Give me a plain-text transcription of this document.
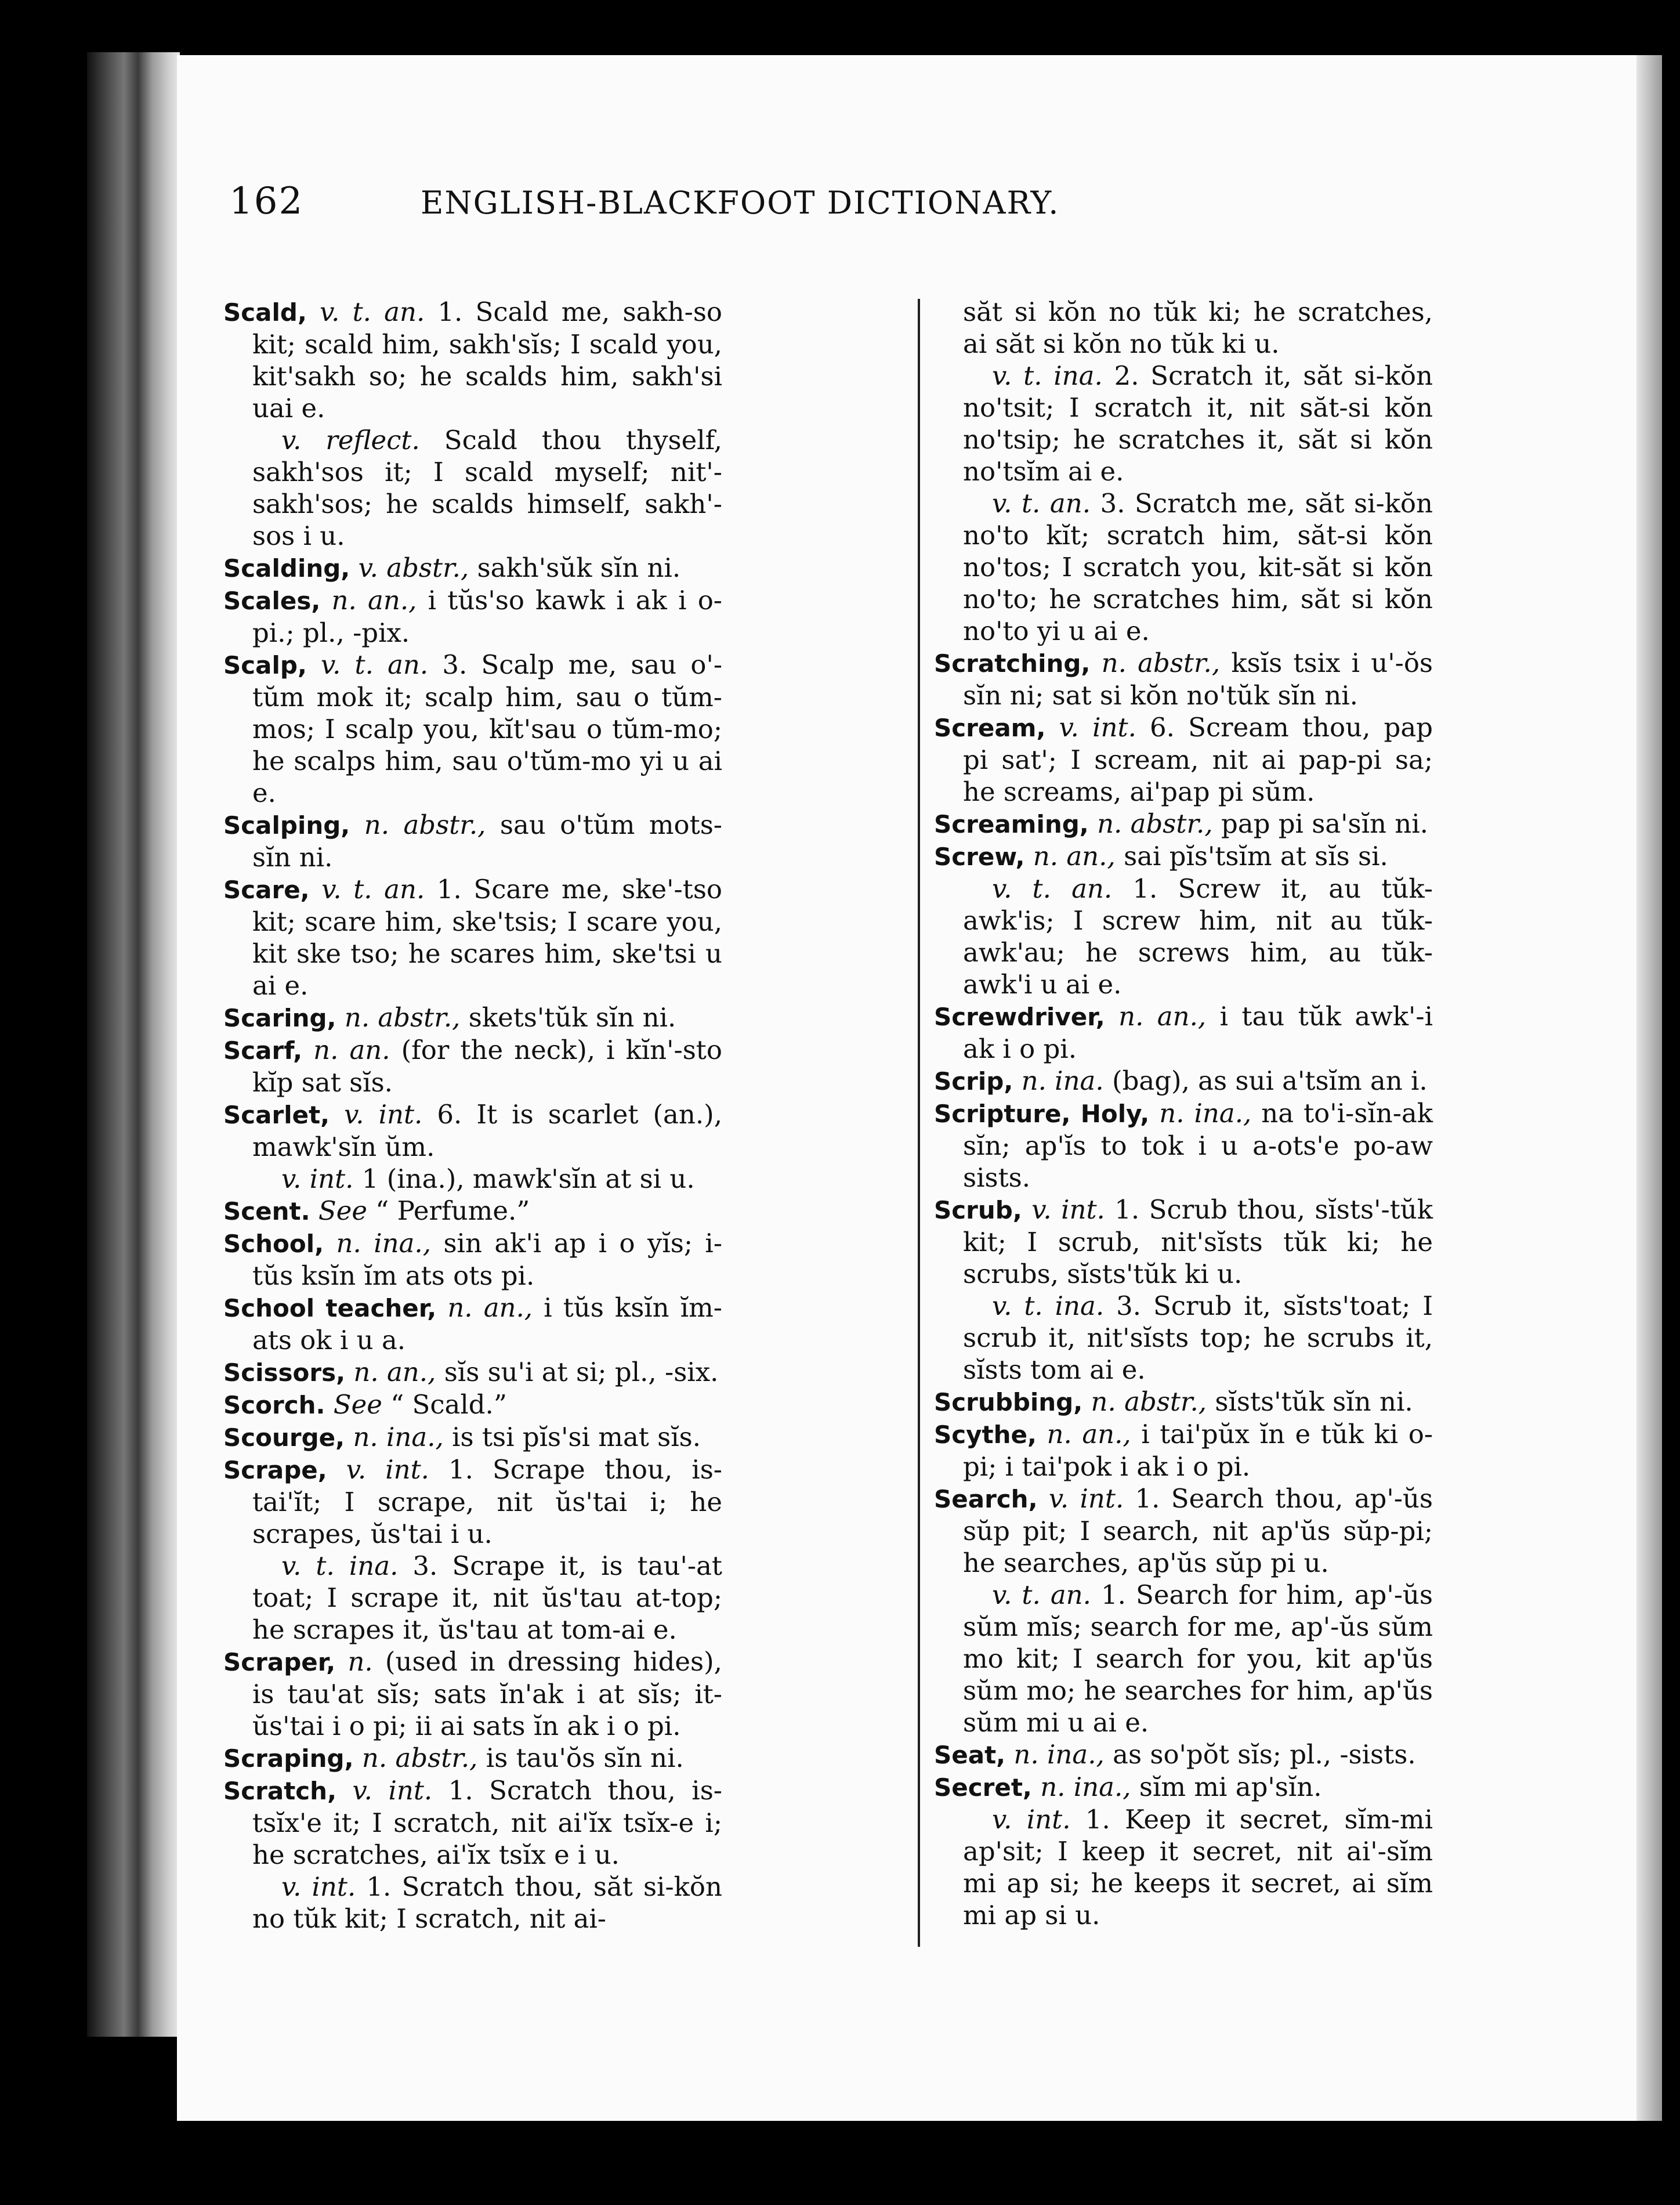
162	ENGLISH-BLACKFOOT DICTIONARY.
Scald, v. t. an. 1. Scald me, sakh-so kit; scald him, sakh'sĭs; I scald you, kit'sakh so; he scalds him, sakh'si uai e.
v. reflect. Scald thou thyself, sakh'sos it; I scald myself; nit'-sakh'sos; he scalds himself, sakh'-sos i u.
Scalding, v. abstr., sakh'sŭk sĭn ni.
Scales, n. an., i tŭs'so kawk i ak i o-pi.; pl., -pix.
Scalp, v. t. an. 3. Scalp me, sau o'-tŭm mok it; scalp him, sau o tŭm-mos; I scalp you, kĭt'sau o tŭm-mo; he scalps him, sau o'tŭm-mo yi u ai e.
Scalping, n. abstr., sau o'tŭm mots-sĭn ni.
Scare, v. t. an. 1. Scare me, ske'-tso kit; scare him, ske'tsis; I scare you, kit ske tso; he scares him, ske'tsi u ai e.
Scaring, n. abstr., skets'tŭk sĭn ni.
Scarf, n. an. (for the neck), i kĭn'-sto kĭp sat sĭs.
Scarlet, v. int. 6. It is scarlet (an.), mawk'sĭn ŭm.
v. int. 1 (ina.), mawk'sĭn at si u.
Scent. See “ Perfume.”
School, n. ina., sin ak'i ap i o yĭs; i-tŭs ksĭn ĭm ats ots pi.
School teacher, n. an., i tŭs ksĭn ĭm-ats ok i u a.
Scissors, n. an., sĭs su'i at si; pl., -six.
Scorch. See “ Scald.”
Scourge, n. ina., is tsi pĭs'si mat sĭs.
Scrape, v. int. 1. Scrape thou, is-tai'ĭt; I scrape, nit ŭs'tai i; he scrapes, ŭs'tai i u.
v. t. ina. 3. Scrape it, is tau'-at toat; I scrape it, nit ŭs'tau at-top; he scrapes it, ŭs'tau at tom-ai e.
Scraper, n. (used in dressing hides), is tau'at sĭs; sats ĭn'ak i at sĭs; it-ŭs'tai i o pi; ii ai sats ĭn ak i o pi.
Scraping, n. abstr., is tau'ŏs sĭn ni.
Scratch, v. int. 1. Scratch thou, is-tsĭx'e it; I scratch, nit ai'ĭx tsĭx-e i; he scratches, ai'ĭx tsĭx e i u.
v. int. 1. Scratch thou, săt si-kŏn no tŭk kit; I scratch, nit ai-
săt si kŏn no tŭk ki; he scratches, ai săt si kŏn no tŭk ki u.
v. t. ina. 2. Scratch it, săt si-kŏn no'tsit; I scratch it, nit săt-si kŏn no'tsip; he scratches it, săt si kŏn no'tsĭm ai e.
v. t. an. 3. Scratch me, săt si-kŏn no'to kĭt; scratch him, săt-si kŏn no'tos; I scratch you, kit-săt si kŏn no'to; he scratches him, săt si kŏn no'to yi u ai e.
Scratching, n. abstr., ksĭs tsix i u'-ŏs sĭn ni; sat si kŏn no'tŭk sĭn ni.
Scream, v. int. 6. Scream thou, pap pi sat'; I scream, nit ai pap-pi sa; he screams, ai'pap pi sŭm.
Screaming, n. abstr., pap pi sa'sĭn ni.
Screw, n. an., sai pĭs'tsĭm at sĭs si.
v. t. an. 1. Screw it, au tŭk-awk'is; I screw him, nit au tŭk-awk'au; he screws him, au tŭk-awk'i u ai e.
Screwdriver, n. an., i tau tŭk awk'-i ak i o pi.
Scrip, n. ina. (bag), as sui a'tsĭm an i.
Scripture, Holy, n. ina., na to'i-sĭn-ak sĭn; ap'ĭs to tok i u a-ots'e po-aw sists.
Scrub, v. int. 1. Scrub thou, sĭsts'-tŭk kit; I scrub, nit'sĭsts tŭk ki; he scrubs, sĭsts'tŭk ki u.
v. t. ina. 3. Scrub it, sĭsts'toat; I scrub it, nit'sĭsts top; he scrubs it, sĭsts tom ai e.
Scrubbing, n. abstr., sĭsts'tŭk sĭn ni.
Scythe, n. an., i tai'pŭx ĭn e tŭk ki o-pi; i tai'pok i ak i o pi.
Search, v. int. 1. Search thou, ap'-ŭs sŭp pit; I search, nit ap'ŭs sŭp-pi; he searches, ap'ŭs sŭp pi u.
v. t. an. 1. Search for him, ap'-ŭs sŭm mĭs; search for me, ap'-ŭs sŭm mo kit; I search for you, kit ap'ŭs sŭm mo; he searches for him, ap'ŭs sŭm mi u ai e.
Seat, n. ina., as so'pŏt sĭs; pl., -sists.
Secret, n. ina., sĭm mi ap'sĭn.
v. int. 1. Keep it secret, sĭm-mi ap'sit; I keep it secret, nit ai'-sĭm mi ap si; he keeps it secret, ai sĭm mi ap si u.
